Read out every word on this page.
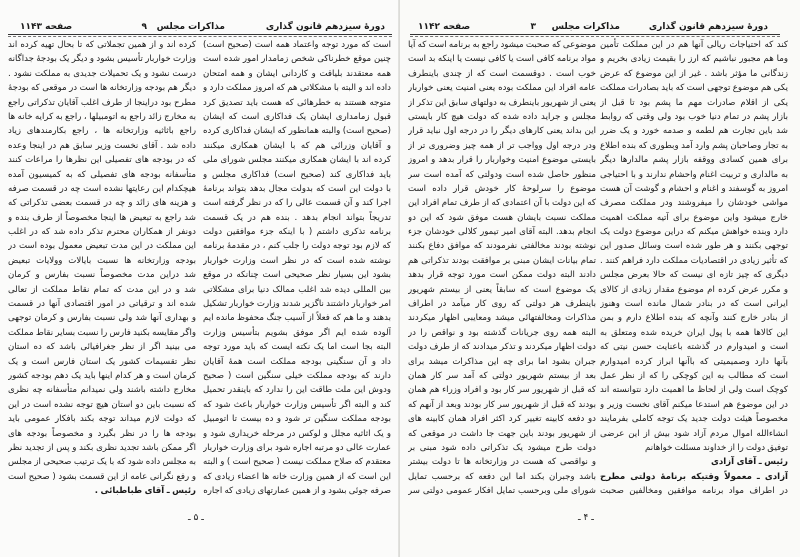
دورهٔ سیزدهم قانون گذاری
مذاکرات مجلس
۹
صفحه ۱۱۴۳
است که مورد توجه واعتماد همه است (صحیح است)
چنین موقع خطرناکی شخص زمامدار امور شده است
همه معتقدند بلیاقت و کاردانی ایشان و همه امتحان
داده اند و البته با مشکلاتی هم که امروز مملکت دارد و
متوجه هستند به خطرهائی که هست باید تصدیق کرد
قبول زمامداری ایشان یک فداکاری است که ایشان
(صحیح است) والبته همانطور که ایشان فداکاری کرده
و آقایان وزرائی هم که با ایشان همکاری میکنند
کرده اند با ایشان همکاری میکنند مجلس شورای ملی
باید فداکاری کند (صحیح است) فداکاری مجلس و
با دولت این است که بدولت مجال بدهد بتواند برنامهٔ
اجرا کند و آن قسمت عالی را که در نظر گرفته است
تدریجاً بتواند انجام بدهد . بنده هم در یک قسمت
برنامه تذکری داشتم ( با اینکه جزء موافقین دولت
که لازم بود توجه دولت را جلب کنم ، در مقدمهٔ برنامه
نوشته شده است که در نظر است وزارت خواربار
بشود این بسیار نظر صحیحی است چنانکه در موقع
بین المللی دیده شد اغلب ممالک دنیا برای مشکلاتی
امر خواربار داشتند ناگزیر شدند وزارت خواربار تشکیل
بدهند و ما هم که فعلاً از آسیب جنگ محفوظ مانده ایم
آلوده شده ایم اگر موفق بشویم بتأسیس وزارت
البته بجا است اما یک نکته ایست که باید مورد توجه
داد و آن سنگینی بودجه مملکت است همهٔ آقایان
دارند که بودجه مملکت خیلی سنگین است ( صحیح
ودوش این ملت طاقت این را ندارد که باینقدر تحمیل
کند و البته اگر تأسیس وزارت خواربار باعث شود که
بودجه مملکت سنگین تر شود و ده بیست تا اتومبیل
و یک اثاثیه مجلل و لوکس در مرحله خریداری شود و
عمارت عالی دو مرتبه اجاره شود برای وزارت خواربار
معتقدم که صلاح مملکت نیست ( صحیح است ) و البته
این است که از همین وزارت خانه ها اعضاء زیادی که
صرفه جوئی بشود و از همین عمارتهای زیادی که اجاره
کرده اند و از همین تجملاتی که تا بحال تهیه کرده اند
وزارت خواربار تأسیس بشود و دیگر یک بودجهٔ جداگانه
درست نشود و یک تحمیلات جدیدی به مملکت نشود .
دیگر هم بودجه وزارتخانه ها است در موقعی که بودجهٔ
مطرح بود دراینجا از طرف اغلب آقایان تذکراتی راجع
به مخارج زائد راجع به اتومبیلها ، راجع به کرایه خانه ها
راجع باثاثیه وزارتخانه ها ، راجع بکارمندهای زیاد
داده شد . آقای نخست وزیر سابق هم در اینجا وعده
که در بودجه های تفصیلی این نظرها را مراعات کنند
متأسفانه بودجه های تفصیلی که به کمیسیون آمده
هیچکدام این رعایتها نشده است چه در قسمت صرفه
و هزینه های زائد و چه در قسمت بعضی تذکراتی که
شد راجع به تبعیض ها اینجا مخصوصاً از طرف بنده و
دونفر از همکاران محترم تذکر داده شد که در اغلب
این مملکت در این مدت تبعیض معمول بوده است در
بودجه وزارتخانه ها نسبت بایالات وولایات تبعیض
شد دراین مدت مخصوصاً نسبت بفارس و کرمان
شد و در این مدت که تمام نقاط مملکت از تعالی
شده اند و ترقیاتی در امور اقتصادی آنها در قسمت
و بهداری آنها شد ولی نسبت بفارس و کرمان توجهی
واگر مقایسه بکنید فارس را نسبت بسایر نقاط مملکت
می بینید اگر از نظر جغرافیائی باشد که ده استان
نظر تقسیمات کشور یک استان فارس است و یک
کرمان است و هر کدام اینها باید یک دهم بودجه کشور
مخارج داشته باشند ولی نمیدانم متأسفانه چه نظری
که نسبت باین دو استان هیچ توجه نشده است در این
که دولت لازم میداند توجه بکند بافکار عمومی باید
بودجه ها را در نظر بگیرد و مخصوصاً بودجه های
اگر ممکن باشد تجدید نظری بکند و پس از تجدید نظر
به مجلس داده شود که با یک ترتیب صحیحی از مجلس
و رفع نگرانی عامه از این قسمت بشود ( صحیح است
رئیس ـ آقای طباطبائی .
ـ ۵ ـ
دورهٔ سیزدهم قانون گذاری
مذاکرات مجلس
۳
صفحه ۱۱۴۲
کند که احتیاجات ریالی آنها هم در این مملکت تأمین
وما هم مجبور نباشیم که ارز را بقیمت زیادی بخریم و
زندگانی ما مؤثر باشد . غیر از این موضوع که عرض
یکی هم موضوع توجهی است که باید بصادرات مملکت
یکی از اقلام صادرات مهم ما پشم بود تا قبل از
بازار پشم در تمام دنیا خوب بود ولی وقتی که روابط
شد باین تجارت هم لطمه و صدمه خورد و یک ضرر
به تجار وصاحبان پشم وارد آمد وبطوری که بنده اطلاع
برای همین کسادی ووقفه بازار پشم مالدارها دیگر
به مالداری و تربیت اغنام واحشام ندارند و با احتیاجی
امروز به گوسفند و اغنام و احشام و گوشت آن هست
مواشی خودشان را میفروشند ودر مملکت مصرف
خارج میشود واین موضوع برای آتیه مملکت اهمیت
دارد وبنده خواهش میکنم که دراین موضوع دولت یک
توجهی بکنند و هر طور شده است وسائل صدور این
که تأثیر زیادی در اقتصادیات مملکت دارد فراهم کنند .
دیگری که چیز تازه ای نیست که حالا بعرض مجلس
و مکرر عرض کرده ام موضوع مقدار زیادی از کالای
ایرانی است که در بنادر شمال مانده است وهنوز
از بنادر خارج کنند وآنچه که بنده اطلاع دارم و بمن
این کالاها همه با پول ایران خریده شده ومتعلق به
است و امیدوارم در گذشته باعنایت حسن نیتی که
بآنها دارد وصمیمیتی که باآنها ابراز کرده امیدوارم
است که مطالب به این کوچکی را که از نظر عمل
کوچک است ولی از لحاظ ما اهمیت دارد نتوانسته اند
در این موضوع هم استدعا میکنم آقای نخست وزیر و
مخصوصاً هیئت دولت جدید یک توجه کاملی بفرمایند
انشاءالله اموال مردم آزاد شود بیش از این عرضی
توفیق دولت را از خداوند مسئلت خواهانم
رئیس ـ آقای آزادی
آزادی ـ معمولاً وقتیکه برنامهٔ دولتی مطرح
در اطراف مواد برنامه موافقین ومخالفین صحبت
موضوعی که صحبت میشود راجع به برنامه است که آیا
مواد برنامه کافی است یا کافی نیست یا اینکه بد است
خوب است . دوقسمت است که از چندی باینطرف
عامه افراد این مملکت بوده یعنی امنیت یعنی خواربار
یعنی از شهریور باینطرف به دولتهای سابق این تذکر از
مجلس و جراید داده شده که دولت هیچ کار بایستی
این بداند یعنی کارهای دیگر را در درجه اول نباید قرار
ودر درجه اول وواجب تر از همه چیز وضروری تر از
بایستی موضوع امنیت وخواربار را قرار بدهد و امروز
منظور حاصل شده است ودولتی که آمده است سر
موضوع را سرلوحهٔ کار خودش قرار داده است
که این دولت با آن اعتمادی که از طرف تمام افراد این
مملکت نسبت بایشان هست موفق شود که این دو
انجام بدهد. البته آقای امیر تیمور کلالی خودشان جزء
نوشته بودند مخالفتی نفرمودند که موافق دفاع بکنند
تمام بیانات ایشان مبنی بر موافقت بودند تذکراتی هم
دادند البته دولت ممکن است مورد توجه قرار بدهد
یک موضوع است که سابقاً یعنی از بیستم شهریور
باینطرف هر دولتی که روی کار میآمد در اطراف
مذاکرات ومخالفتهائی میشد ومعایبی اظهار میکردند
البته همه روی جریانات گذشته بود و نواقص را در
دولت اظهار میکردند و تذکر میدادند که از طرف دولت
جبران بشود اما برای چه این مذاکرات میشد برای
بعد از بیستم شهریور دولتی که آمد سر کار همان
که قبل از شهریور سر کار بود و افراد وزراء هم همان
بودند که قبل از شهریور سر کار بودند وبعد از آنهم که
دو دفعه کابینه تغییر کرد اکثر افراد همان کابینه های
از شهریور بودند باین جهت جا داشت در موقعی که
دولت طرح میشود یک تذکراتی داده شود مبنی بر
و نواقصی که هست در وزارتخانه ها تا دولت بیشتر
باشد وجبران بکند اما این دفعه که برحسب تمایل
شورای ملی وبرحسب تمایل افکار عمومی دولتی سر
ـ ۴ ـ
